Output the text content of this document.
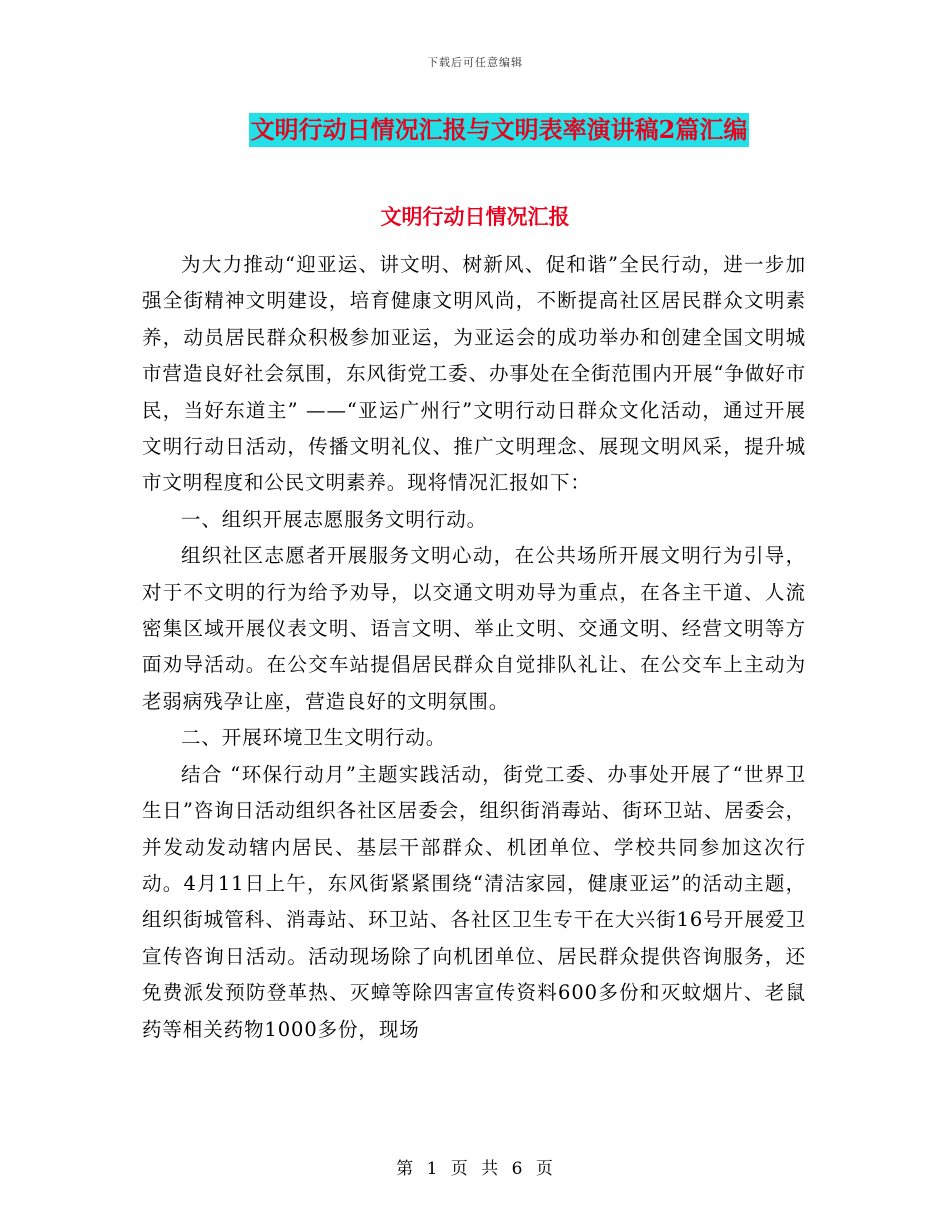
下载后可任意编辑
文明行动日情况汇报与文明表率演讲稿2篇汇编
文明行动日情况汇报

为大力推动“迎亚运、讲文明、树新风、促和谐”全民行动，进一步加强全街精神文明建设，培育健康文明风尚，不断提高社区居民群众文明素养，动员居民群众积极参加亚运，为亚运会的成功举办和创建全国文明城市营造良好社会氛围，东风街党工委、办事处在全街范围内开展“争做好市民，当好东道主” ——“亚运广州行”文明行动日群众文化活动，通过开展文明行动日活动，传播文明礼仪、推广文明理念、展现文明风采，提升城市文明程度和公民文明素养。现将情况汇报如下：

一、组织开展志愿服务文明行动。

组织社区志愿者开展服务文明心动，在公共场所开展文明行为引导，对于不文明的行为给予劝导，以交通文明劝导为重点，在各主干道、人流密集区域开展仪表文明、语言文明、举止文明、交通文明、经营文明等方面劝导活动。在公交车站提倡居民群众自觉排队礼让、在公交车上主动为老弱病残孕让座，营造良好的文明氛围。

二、开展环境卫生文明行动。

结合 “环保行动月”主题实践活动，街党工委、办事处开展了“世界卫生日”咨询日活动组织各社区居委会，组织街消毒站、街环卫站、居委会，并发动发动辖内居民、基层干部群众、机团单位、学校共同参加这次行动。4月11日上午，东风街紧紧围绕“清洁家园，健康亚运”的活动主题，组织街城管科、消毒站、环卫站、各社区卫生专干在大兴街16号开展爱卫宣传咨询日活动。活动现场除了向机团单位、居民群众提供咨询服务，还免费派发预防登革热、灭蟑等除四害宣传资料600多份和灭蚊烟片、老鼠药等相关药物1000多份，现场

第 1 页 共 6 页
